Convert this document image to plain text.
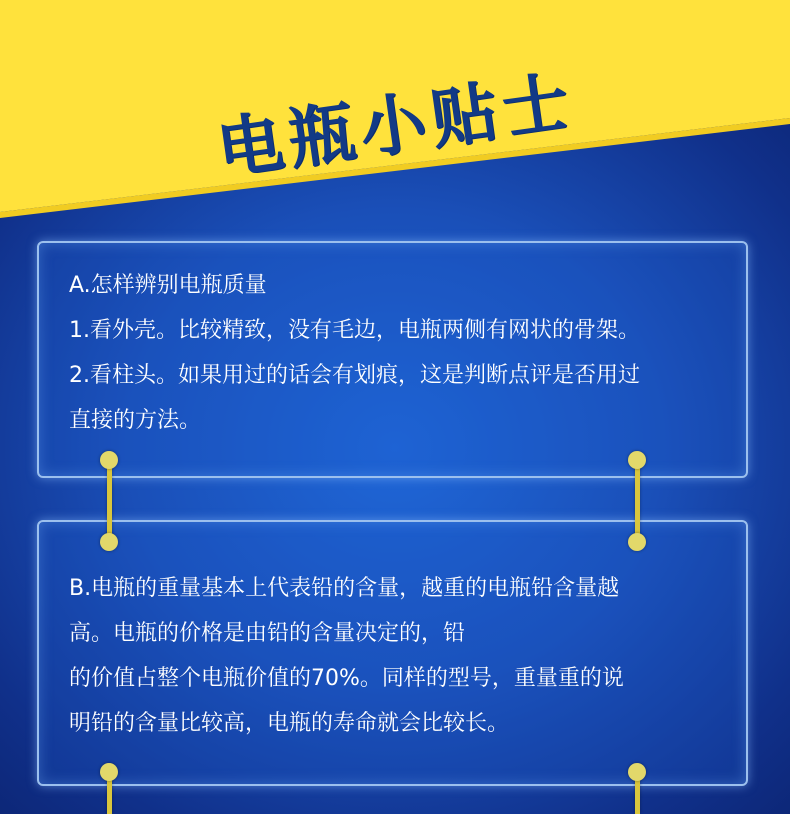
电瓶小贴士
A.怎样辨别电瓶质量
1.看外壳。比较精致，没有毛边，电瓶两侧有网状的骨架。
2.看柱头。如果用过的话会有划痕，这是判断点评是否用过
直接的方法。
B.电瓶的重量基本上代表铅的含量，越重的电瓶铅含量越
高。电瓶的价格是由铅的含量决定的，铅
的价值占整个电瓶价值的70%。同样的型号，重量重的说
明铅的含量比较高，电瓶的寿命就会比较长。
